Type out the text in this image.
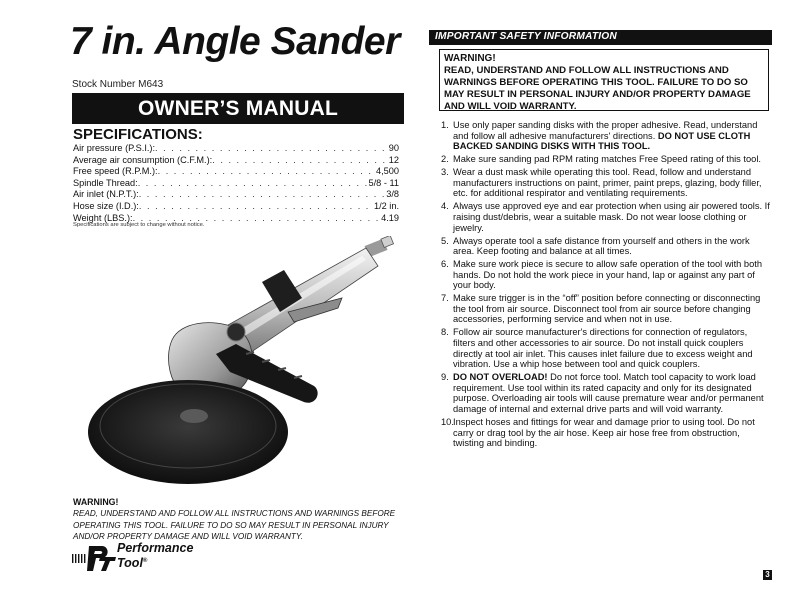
7 in. Angle Sander
Stock Number M643
OWNER’S MANUAL
SPECIFICATIONS:
Air pressure (P.S.I.): . . .	90
Average air consumption (C.F.M.): . . .	12
Free speed (R.P.M.): . . .	4,500
Spindle Thread: . . .	5/8 - 11
Air inlet (N.P.T.): . . .	3/8
Hose size (I.D.): . . .	1/2 in.
Weight (LBS.): . . .	4.19
Specifications are subject to change without notice.
WARNING!
READ, UNDERSTAND AND FOLLOW ALL INSTRUCTIONS AND WARNINGS BEFORE OPERATING THIS TOOL. FAILURE TO DO SO MAY RESULT IN PERSONAL INJURY AND/OR PROPERTY DAMAGE AND WILL VOID WARRANTY.
Performance
Tool®
IMPORTANT SAFETY INFORMATION
WARNING!
READ, UNDERSTAND AND FOLLOW ALL INSTRUCTIONS AND WARNINGS BEFORE OPERATING THIS TOOL. FAILURE TO DO SO MAY RESULT IN PERSONAL INJURY AND/OR PROPERTY DAMAGE AND WILL VOID WARRANTY.
1. Use only paper sanding disks with the proper adhesive. Read, understand and follow all adhesive manufacturers' directions. DO NOT USE CLOTH BACKED SANDING DISKS WITH THIS TOOL.
2. Make sure sanding pad RPM rating matches Free Speed rating of this tool.
3. Wear a dust mask while operating this tool. Read, follow and understand manufacturers instructions on paint, primer, paint preps, glazing, body filler, etc. for additional respirator and ventilating requirements.
4. Always use approved eye and ear protection when using air powered tools. If raising dust/debris, wear a suitable mask. Do not wear loose clothing or jewelry.
5. Always operate tool a safe distance from yourself and others in the work area. Keep footing and balance at all times.
6. Make sure work piece is secure to allow safe operation of the tool with both hands. Do not hold the work piece in your hand, lap or against any part of your body.
7. Make sure trigger is in the “off” position before connecting or disconnecting the tool from air source. Disconnect tool from air source before changing accessories, performing service and when not in use.
8. Follow air source manufacturer's directions for connection of regulators, filters and other accessories to air source. Do not install quick couplers directly at tool air inlet. This causes inlet failure due to excess weight and vibration. Use a whip hose between tool and quick couplers.
9. DO NOT OVERLOAD! Do not force tool. Match tool capacity to work load requirement. Use tool within its rated capacity and only for its designated purpose. Overloading air tools will cause premature wear and/or permanent damage of internal and external drive parts and will void warranty.
10. Inspect hoses and fittings for wear and damage prior to using tool. Do not carry or drag tool by the air hose. Keep air hose free from obstruction, twisting and binding.
3
